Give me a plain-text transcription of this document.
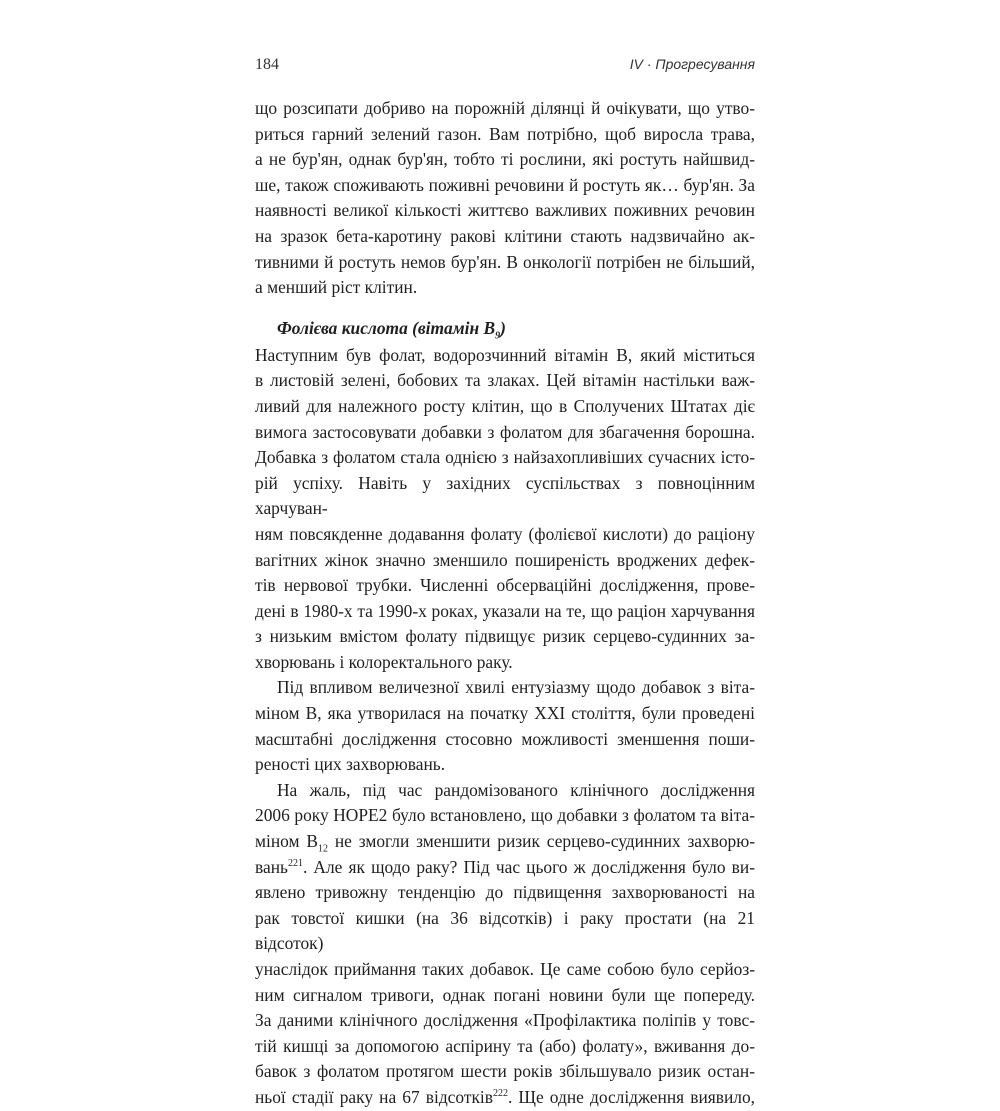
184	IV · Прогресування

що розсипати добриво на порожній ділянці й очікувати, що утво-

риться гарний зелений газон. Вам потрібно, щоб виросла трава,

а не бур'ян, однак бур'ян, тобто ті рослини, які ростуть найшвид-

ше, також споживають поживні речовини й ростуть як… бур'ян. За

наявності великої кількості життєво важливих поживних речовин

на зразок бета-каротину ракові клітини стають надзвичайно ак-

тивними й ростуть немов бур'ян. В онкології потрібен не більший,

а менший ріст клітин.

Фолієва кислота (вітамін $B_9$)

Наступним був фолат, водорозчинний вітамін B, який міститься

в листовій зелені, бобових та злаках. Цей вітамін настільки важ-

ливий для належного росту клітин, що в Сполучених Штатах діє

вимога застосовувати добавки з фолатом для збагачення борошна.

Добавка з фолатом стала однією з найзахопливіших сучасних істо-

рій успіху. Навіть у західних суспільствах з повноцінним харчуван-

ням повсякденне додавання фолату (фолієвої кислоти) до раціону

вагітних жінок значно зменшило поширеність вроджених дефек-

тів нервової трубки. Численні обсерваційні дослідження, прове-

дені в 1980-х та 1990-х роках, указали на те, що раціон харчування

з низьким вмістом фолату підвищує ризик серцево-судинних за-

хворювань і колоректального раку.

Під впливом величезної хвилі ентузіазму щодо добавок з віта-

міном B, яка утворилася на початку XXI століття, були проведені

масштабні дослідження стосовно можливості зменшення поши-

реності цих захворювань.

На жаль, під час рандомізованого клінічного дослідження

2006 року HOPE2 було встановлено, що добавки з фолатом та віта-

міном $B_{12}$ не змогли зменшити ризик серцево-судинних захворю-

вань$^{221}$. Але як щодо раку? Під час цього ж дослідження було ви-

явлено тривожну тенденцію до підвищення захворюваності на

рак товстої кишки (на 36 відсотків) і раку простати (на 21 відсоток)

унаслідок приймання таких добавок. Це саме собою було серйоз-

ним сигналом тривоги, однак погані новини були ще попереду.

За даними клінічного дослідження «Профілактика поліпів у товс-

тій кишці за допомогою аспірину та (або) фолату», вживання до-

бавок з фолатом протягом шести років збільшувало ризик остан-

ньої стадії раку на 67 відсотків$^{222}$. Ще одне дослідження виявило,
